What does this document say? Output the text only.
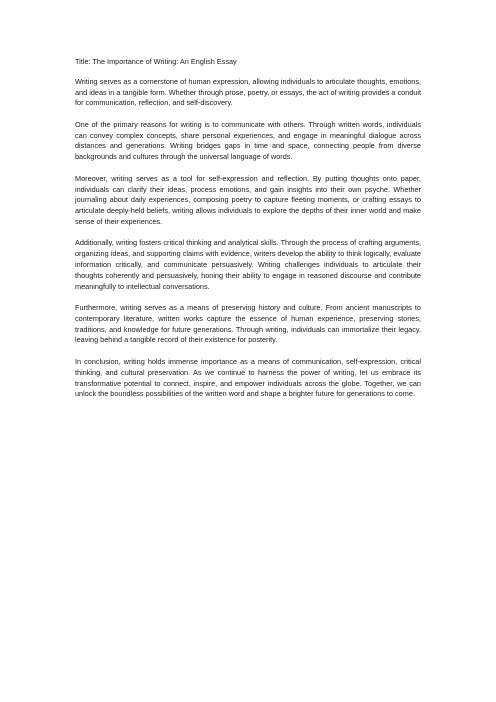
Title: The Importance of Writing: An English Essay

Writing serves as a cornerstone of human expression, allowing individuals to articulate thoughts, emotions, and ideas in a tangible form. Whether through prose, poetry, or essays, the act of writing provides a conduit for communication, reflection, and self-discovery.

One of the primary reasons for writing is to communicate with others. Through written words, individuals can convey complex concepts, share personal experiences, and engage in meaningful dialogue across distances and generations. Writing bridges gaps in time and space, connecting people from diverse backgrounds and cultures through the universal language of words.

Moreover, writing serves as a tool for self-expression and reflection. By putting thoughts onto paper, individuals can clarify their ideas, process emotions, and gain insights into their own psyche. Whether journaling about daily experiences, composing poetry to capture fleeting moments, or crafting essays to articulate deeply-held beliefs, writing allows individuals to explore the depths of their inner world and make sense of their experiences.

Additionally, writing fosters critical thinking and analytical skills. Through the process of crafting arguments, organizing ideas, and supporting claims with evidence, writers develop the ability to think logically, evaluate information critically, and communicate persuasively. Writing challenges individuals to articulate their thoughts coherently and persuasively, honing their ability to engage in reasoned discourse and contribute meaningfully to intellectual conversations.

Furthermore, writing serves as a means of preserving history and culture. From ancient manuscripts to contemporary literature, written works capture the essence of human experience, preserving stories, traditions, and knowledge for future generations. Through writing, individuals can immortalize their legacy, leaving behind a tangible record of their existence for posterity.

In conclusion, writing holds immense importance as a means of communication, self-expression, critical thinking, and cultural preservation. As we continue to harness the power of writing, let us embrace its transformative potential to connect, inspire, and empower individuals across the globe. Together, we can unlock the boundless possibilities of the written word and shape a brighter future for generations to come.
